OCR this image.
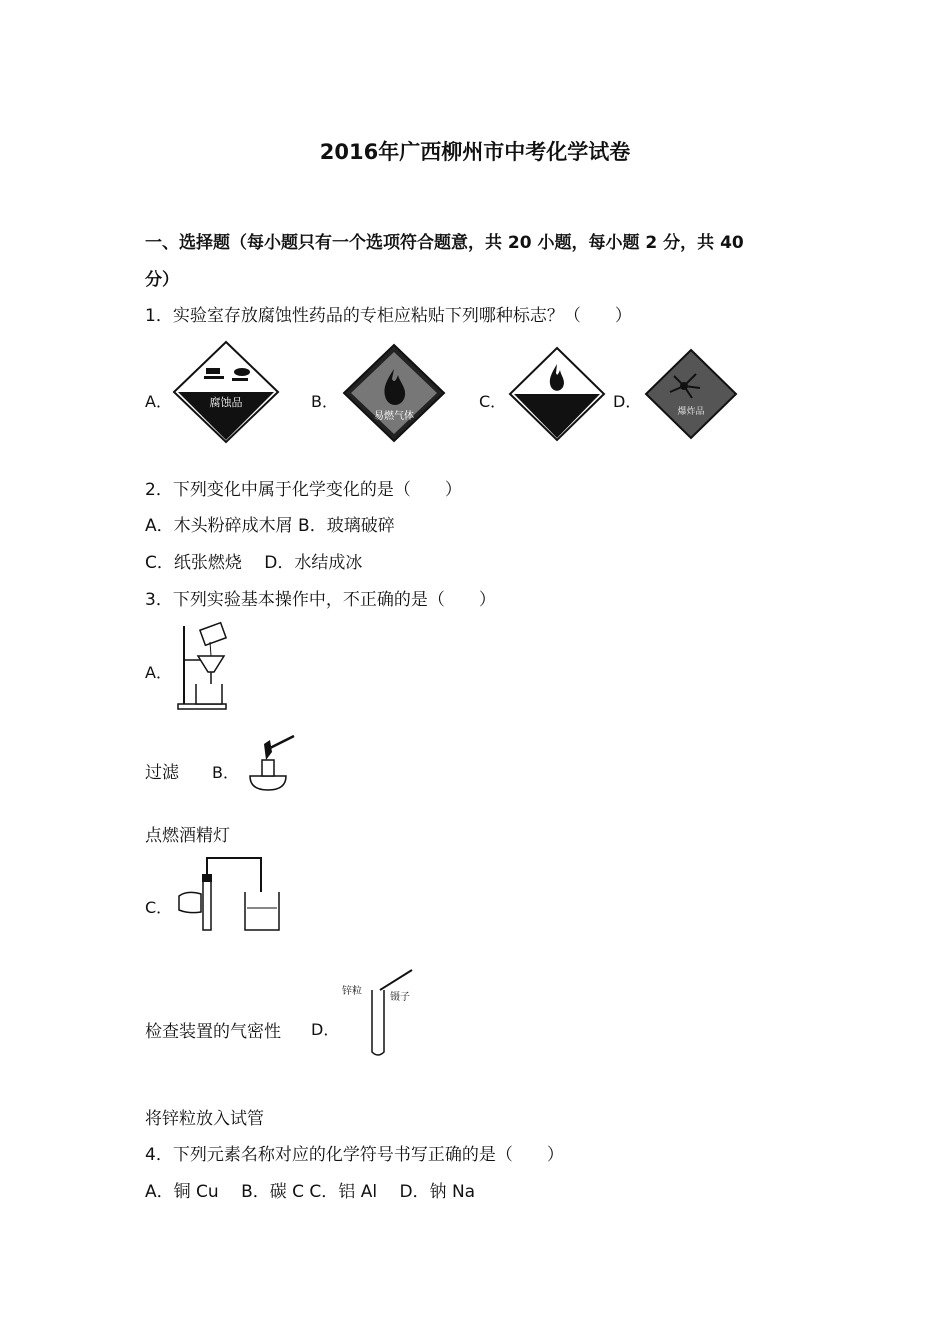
2016年广西柳州市中考化学试卷
一、选择题（每小题只有一个选项符合题意，共 20 小题，每小题 2 分，共 40
分）
1．实验室存放腐蚀性药品的专柜应粘贴下列哪种标志？（　　）
A．	腐蚀品	B．
易燃气体
C．	D．
爆炸品
2．下列变化中属于化学变化的是（　　）
A．木头粉碎成木屑 B．玻璃破碎
C．纸张燃烧　 D．水结成冰
3．下列实验基本操作中，不正确的是（　　）
A．
过滤 B．
点燃酒精灯
C．
检查装置的气密性 D．
锌粒
镊子
将锌粒放入试管
4．下列元素名称对应的化学符号书写正确的是（　　）
A．铜 Cu　 B．碳 C C．铝 Al　 D．钠 Na
